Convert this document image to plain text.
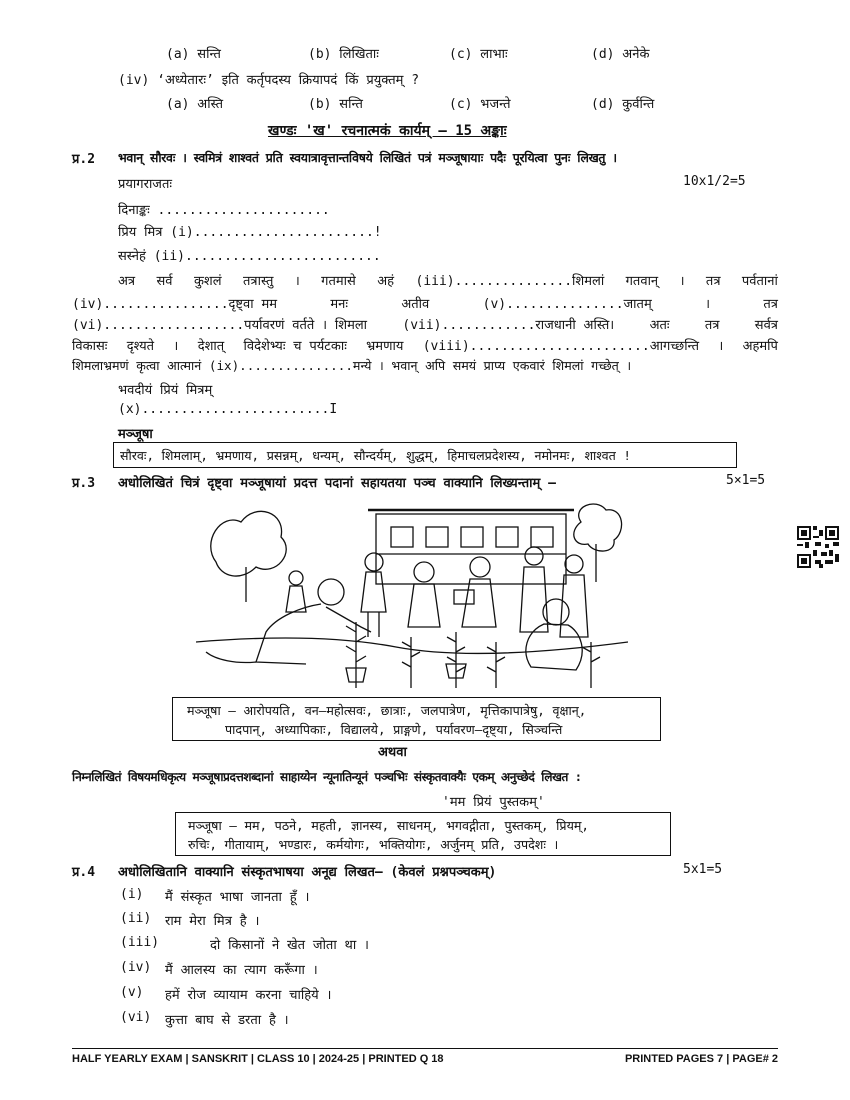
(a) सन्ति	(b) लिखिताः	(c) लाभाः	(d) अनेके
(iv) ‘अध्येतारः’ इति कर्तृपदस्य क्रियापदं किं प्रयुक्तम् ?
(a) अस्ति	(b) सन्ति	(c) भजन्ते	(d) कुर्वन्ति
खण्डः 'ख' रचनात्मकं कार्यम् – 15 अङ्काः
प्र.2 भवान् सौरवः । स्वमित्रं शाश्वतं प्रति स्वयात्रावृत्तान्तविषये लिखितं पत्रं मञ्जूषायाः पदैः पूरयित्वा पुनः लिखतु ।
प्रयागराजतः	10x1/2=5
दिनाङ्कः ......................
प्रिय मित्र (i).......................!
सस्नेहं (ii).........................
अत्र सर्व कुशलं तत्रास्तु । गतमासे अहं (iii)...............शिमलां गतवान् । तत्र पर्वतानां
(iv)................दृष्ट्वा मम	मनः	अतीव	(v)...............जातम्	।	तत्र
(vi)..................पर्यावरणं वर्तते । शिमला	(vii)............राजधानी अस्ति।	अतः	तत्र	सर्वत्र
विकासः दृश्यते । देशात् विदेशेभ्यः च पर्यटकाः भ्रमणाय (viii).......................आगच्छन्ति । अहमपि
शिमलाभ्रमणं कृत्वा आत्मानं (ix)...............मन्ये । भवान् अपि समयं प्राप्य एकवारं शिमलां गच्छेत् ।
भवदीयं प्रियं मित्रम्
(x)........................I
मञ्जूषा
सौरवः, शिमलाम्, भ्रमणाय, प्रसन्नम्, धन्यम्, सौन्दर्यम्, शुद्धम्, हिमाचलप्रदेशस्य, नमोनमः, शाश्वत !
प्र.3 अधोलिखितं चित्रं दृष्ट्वा मञ्जूषायां प्रदत्त पदानां सहायतया पञ्च वाक्यानि लिख्यन्ताम् –	5×1=5
मञ्जूषा – आरोपयति, वन–महोत्सवः, छात्राः, जलपात्रेण, मृत्तिकापात्रेषु, वृक्षान्,
पादपान्, अध्यापिकाः, विद्यालये, प्राङ्गणे, पर्यावरण–दृष्ट्या, सिञ्चन्ति
अथवा
निम्नलिखितं विषयमधिकृत्य मञ्जूषाप्रदत्तशब्दानां साहाय्येन न्यूनातिन्यूनं पञ्चभिः संस्कृतवाक्यैः एकम् अनुच्छेदं लिखत :
'मम प्रियं पुस्तकम्'
मञ्जूषा – मम, पठने, महती, ज्ञानस्य, साधनम्, भगवद्गीता, पुस्तकम्, प्रियम्,
रुचिः, गीतायाम्, भण्डारः, कर्मयोगः, भक्तियोगः, अर्जुनम् प्रति, उपदेशः ।
प्र.4 अधोलिखितानि वाक्यानि संस्कृतभाषया अनूद्य लिखत– (केवलं प्रश्नपञ्चकम्)	5x1=5
(i) मैं संस्कृत भाषा जानता हूँ ।
(ii) राम मेरा मित्र है ।
(iii)	दो किसानों ने खेत जोता था ।
(iv) मैं आलस्य का त्याग करूँगा ।
(v) हमें रोज व्यायाम करना चाहिये ।
(vi) कुत्ता बाघ से डरता है ।
HALF YEARLY EXAM | SANSKRIT | CLASS 10 | 2024-25 | PRINTED Q 18	PRINTED PAGES 7 | PAGE# 2
